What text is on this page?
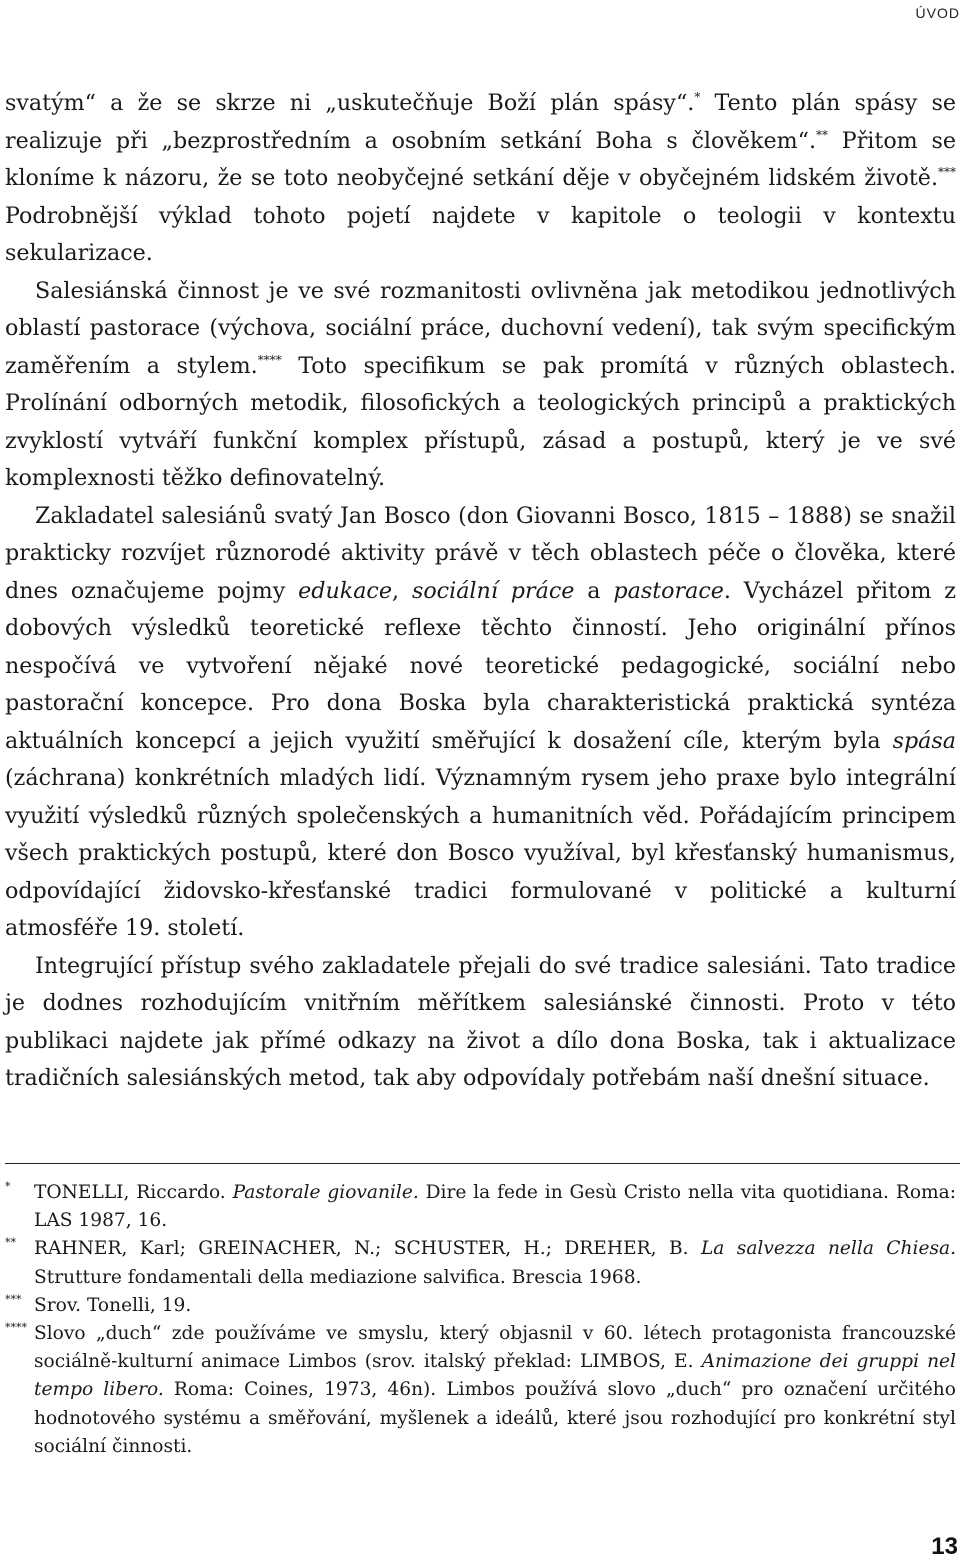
ÚVOD

svatým“ a že se skrze ni „uskutečňuje Boží plán spásy“.* Tento plán spásy se realizuje při „bezprostředním a osobním setkání Boha s člověkem“.** Přitom se kloníme k názoru, že se toto neobyčejné setkání děje v obyčejném lidském životě.*** Podrobnější výklad tohoto pojetí najdete v kapitole o teologii v kontextu sekularizace.

Salesiánská činnost je ve své rozmanitosti ovlivněna jak metodikou jednotlivých oblastí pastorace (výchova, sociální práce, duchovní vedení), tak svým specifickým zaměřením a stylem.**** Toto specifikum se pak promítá v různých oblastech. Prolínání odborných metodik, filosofických a teologických principů a praktických zvyklostí vytváří funkční komplex přístupů, zásad a postupů, který je ve své komplexnosti těžko definovatelný.

Zakladatel salesiánů svatý Jan Bosco (don Giovanni Bosco, 1815 – 1888) se snažil prakticky rozvíjet různorodé aktivity právě v těch oblastech péče o člověka, které dnes označujeme pojmy edukace, sociální práce a pastorace. Vycházel přitom z dobových výsledků teoretické reflexe těchto činností. Jeho originální přínos nespočívá ve vytvoření nějaké nové teoretické pedagogické, sociální nebo pastorační koncepce. Pro dona Boska byla charakteristická praktická syntéza aktuálních koncepcí a jejich využití směřující k dosažení cíle, kterým byla spása (záchrana) konkrétních mladých lidí. Významným rysem jeho praxe bylo integrální využití výsledků různých společenských a humanitních věd. Pořádajícím principem všech praktických postupů, které don Bosco využíval, byl křesťanský humanismus, odpovídající židovsko-křesťanské tradici formulované v politické a kulturní atmosféře 19. století.

Integrující přístup svého zakladatele přejali do své tradice salesiáni. Tato tradice je dodnes rozhodujícím vnitřním měřítkem salesiánské činnosti. Proto v této publikaci najdete jak přímé odkazy na život a dílo dona Boska, tak i aktualizace tradičních salesiánských metod, tak aby odpovídaly potřebám naší dnešní situace.

* TONELLI, Riccardo. Pastorale giovanile. Dire la fede in Gesù Cristo nella vita quotidiana. Roma: LAS 1987, 16.
** RAHNER, Karl; GREINACHER, N.; SCHUSTER, H.; DREHER, B. La salvezza nella Chiesa. Strutture fondamentali della mediazione salvifica. Brescia 1968.
*** Srov. Tonelli, 19.
**** Slovo „duch“ zde používáme ve smyslu, který objasnil v 60. létech protagonista francouzské sociálně-kulturní animace Limbos (srov. italský překlad: LIMBOS, E. Animazione dei gruppi nel tempo libero. Roma: Coines, 1973, 46n). Limbos používá slovo „duch“ pro označení určitého hodnotového systému a směřování, myšlenek a ideálů, které jsou rozhodující pro konkrétní styl sociální činnosti.
13
